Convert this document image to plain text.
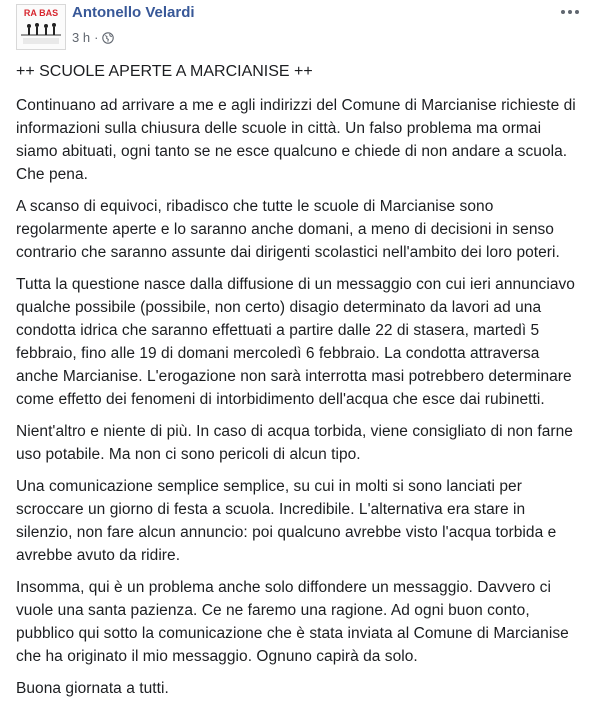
RA BAS Antonello Velardi
3 h ·
++ SCUOLE APERTE A MARCIANISE ++

Continuano ad arrivare a me e agli indirizzi del Comune di Marcianise richieste di informazioni sulla chiusura delle scuole in città. Un falso problema ma ormai siamo abituati, ogni tanto se ne esce qualcuno e chiede di non andare a scuola. Che pena.

A scanso di equivoci, ribadisco che tutte le scuole di Marcianise sono regolarmente aperte e lo saranno anche domani, a meno di decisioni in senso contrario che saranno assunte dai dirigenti scolastici nell'ambito dei loro poteri.

Tutta la questione nasce dalla diffusione di un messaggio con cui ieri annunciavo qualche possibile (possibile, non certo) disagio determinato da lavori ad una condotta idrica che saranno effettuati a partire dalle 22 di stasera, martedì 5 febbraio, fino alle 19 di domani mercoledì 6 febbraio. La condotta attraversa anche Marcianise. L'erogazione non sarà interrotta masi potrebbero determinare come effetto dei fenomeni di intorbidimento dell'acqua che esce dai rubinetti.

Nient'altro e niente di più. In caso di acqua torbida, viene consigliato di non farne uso potabile. Ma non ci sono pericoli di alcun tipo.

Una comunicazione semplice semplice, su cui in molti si sono lanciati per scroccare un giorno di festa a scuola. Incredibile. L'alternativa era stare in silenzio, non fare alcun annuncio: poi qualcuno avrebbe visto l'acqua torbida e avrebbe avuto da ridire.

Insomma, qui è un problema anche solo diffondere un messaggio. Davvero ci vuole una santa pazienza. Ce ne faremo una ragione. Ad ogni buon conto, pubblico qui sotto la comunicazione che è stata inviata al Comune di Marcianise che ha originato il mio messaggio. Ognuno capirà da solo.

Buona giornata a tutti.
